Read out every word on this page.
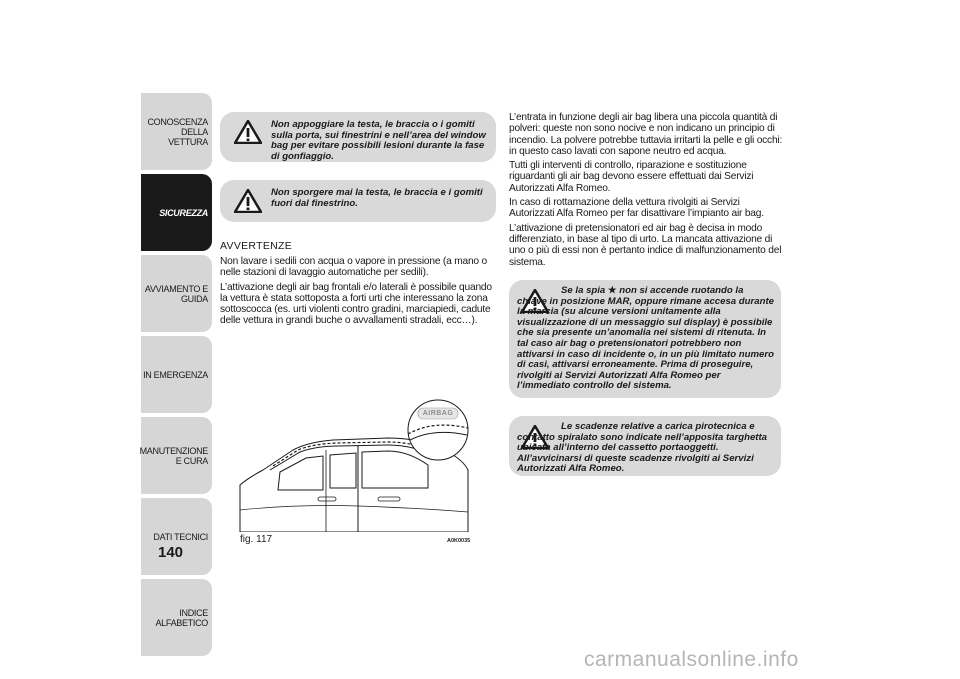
CONOSCENZA DELLA VETTURA
SICUREZZA
AVVIAMENTO E GUIDA
IN EMERGENZA
MANUTENZIONE E CURA
DATI TECNICI
INDICE ALFABETICO
140
Non appoggiare la testa, le braccia o i gomiti sulla porta, sui finestrini e nell’area del window bag per evitare possibili lesioni durante la fase di gonfiaggio.
Non sporgere mai la testa, le braccia e i gomiti fuori dal finestrino.
AVVERTENZE

Non lavare i sedili con acqua o vapore in pressione (a mano o nelle stazioni di lavaggio automatiche per sedili).

L’attivazione degli air bag frontali e/o laterali è possibile quando la vettura è stata sottoposta a forti urti che interessano la zona sottoscocca (es. urti violenti contro gradini, marciapiedi, cadute delle vettura in grandi buche o avvallamenti stradali, ecc…).

AIRBAG
fig. 117	A0K0035

L’entrata in funzione degli air bag libera una piccola quantità di polveri: queste non sono nocive e non indicano un principio di incendio. La polvere potrebbe tuttavia irritarti la pelle e gli occhi: in questo caso lavati con sapone neutro ed acqua.

Tutti gli interventi di controllo, riparazione e sostituzione riguardanti gli air bag devono essere effettuati dai Servizi Autorizzati Alfa Romeo.

In caso di rottamazione della vettura rivolgiti ai Servizi Autorizzati Alfa Romeo per far disattivare l’impianto air bag.

L’attivazione di pretensionatori ed air bag è decisa in modo differenziato, in base al tipo di urto. La mancata attivazione di uno o più di essi non è pertanto indice di malfunzionamento del sistema.

Se la spia ★ non si accende ruotando la chiave in posizione MAR, oppure rimane accesa durante la marcia (su alcune versioni unitamente alla visualizzazione di un messaggio sul display) è possibile che sia presente un’anomalia nei sistemi di ritenuta. In tal caso air bag o pretensionatori potrebbero non attivarsi in caso di incidente o, in un più limitato numero di casi, attivarsi erroneamente. Prima di proseguire, rivolgiti ai Servizi Autorizzati Alfa Romeo per l’immediato controllo del sistema.
Le scadenze relative a carica pirotecnica e contatto spiralato sono indicate nell’apposita targhetta ubicata all’interno del cassetto portaoggetti. All’avvicinarsi di queste scadenze rivolgiti ai Servizi Autorizzati Alfa Romeo.
carmanualsonline.info
